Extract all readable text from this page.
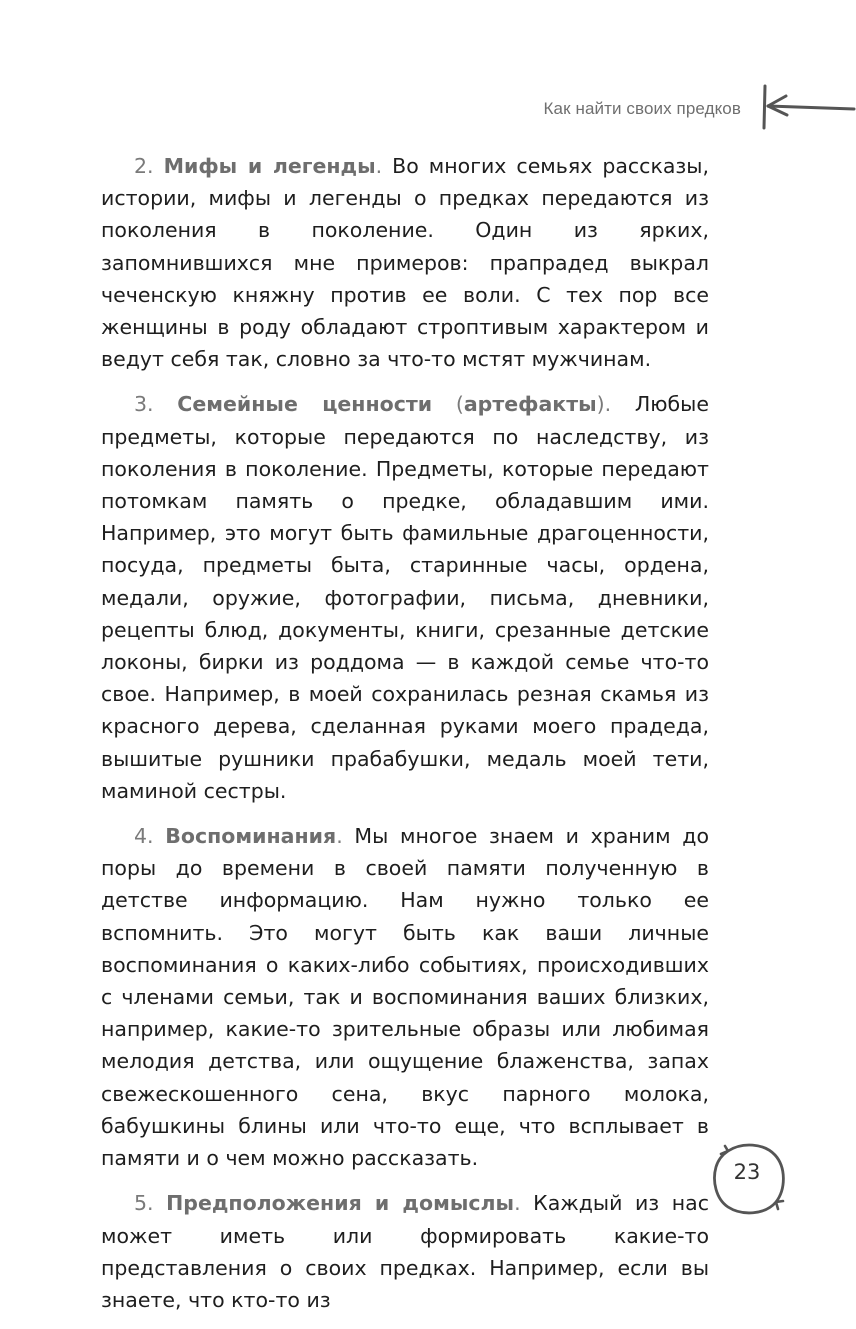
Как найти своих предков

2. Мифы и легенды. Во многих семьях рассказы, истории, мифы и легенды о предках передаются из поколения в поколение. Один из ярких, запомнившихся мне примеров: прапрадед выкрал чеченскую княжну против ее воли. С тех пор все женщины в роду обладают строптивым характером и ведут себя так, словно за что-то мстят мужчинам.

3. Семейные ценности (артефакты). Любые предметы, которые передаются по наследству, из поколения в поколение. Предметы, которые передают потомкам память о предке, обладавшим ими. Например, это могут быть фамильные драгоценности, посуда, предметы быта, старинные часы, ордена, медали, оружие, фотографии, письма, дневники, рецепты блюд, документы, книги, срезанные детские локоны, бирки из роддома — в каждой семье что-то свое. Например, в моей сохранилась резная скамья из красного дерева, сделанная руками моего прадеда, вышитые рушники прабабушки, медаль моей тети, маминой сестры.

4. Воспоминания. Мы многое знаем и храним до поры до времени в своей памяти полученную в детстве информацию. Нам нужно только ее вспомнить. Это могут быть как ваши личные воспоминания о каких-либо событиях, происходивших с членами семьи, так и воспоминания ваших близких, например, какие-то зрительные образы или любимая мелодия детства, или ощущение блаженства, запах свежескошенного сена, вкус парного молока, бабушкины блины или что-то еще, что всплывает в памяти и о чем можно рассказать.

5. Предположения и домыслы. Каждый из нас может иметь или формировать какие-то представления о своих предках. Например, если вы знаете, что кто-то из

23
